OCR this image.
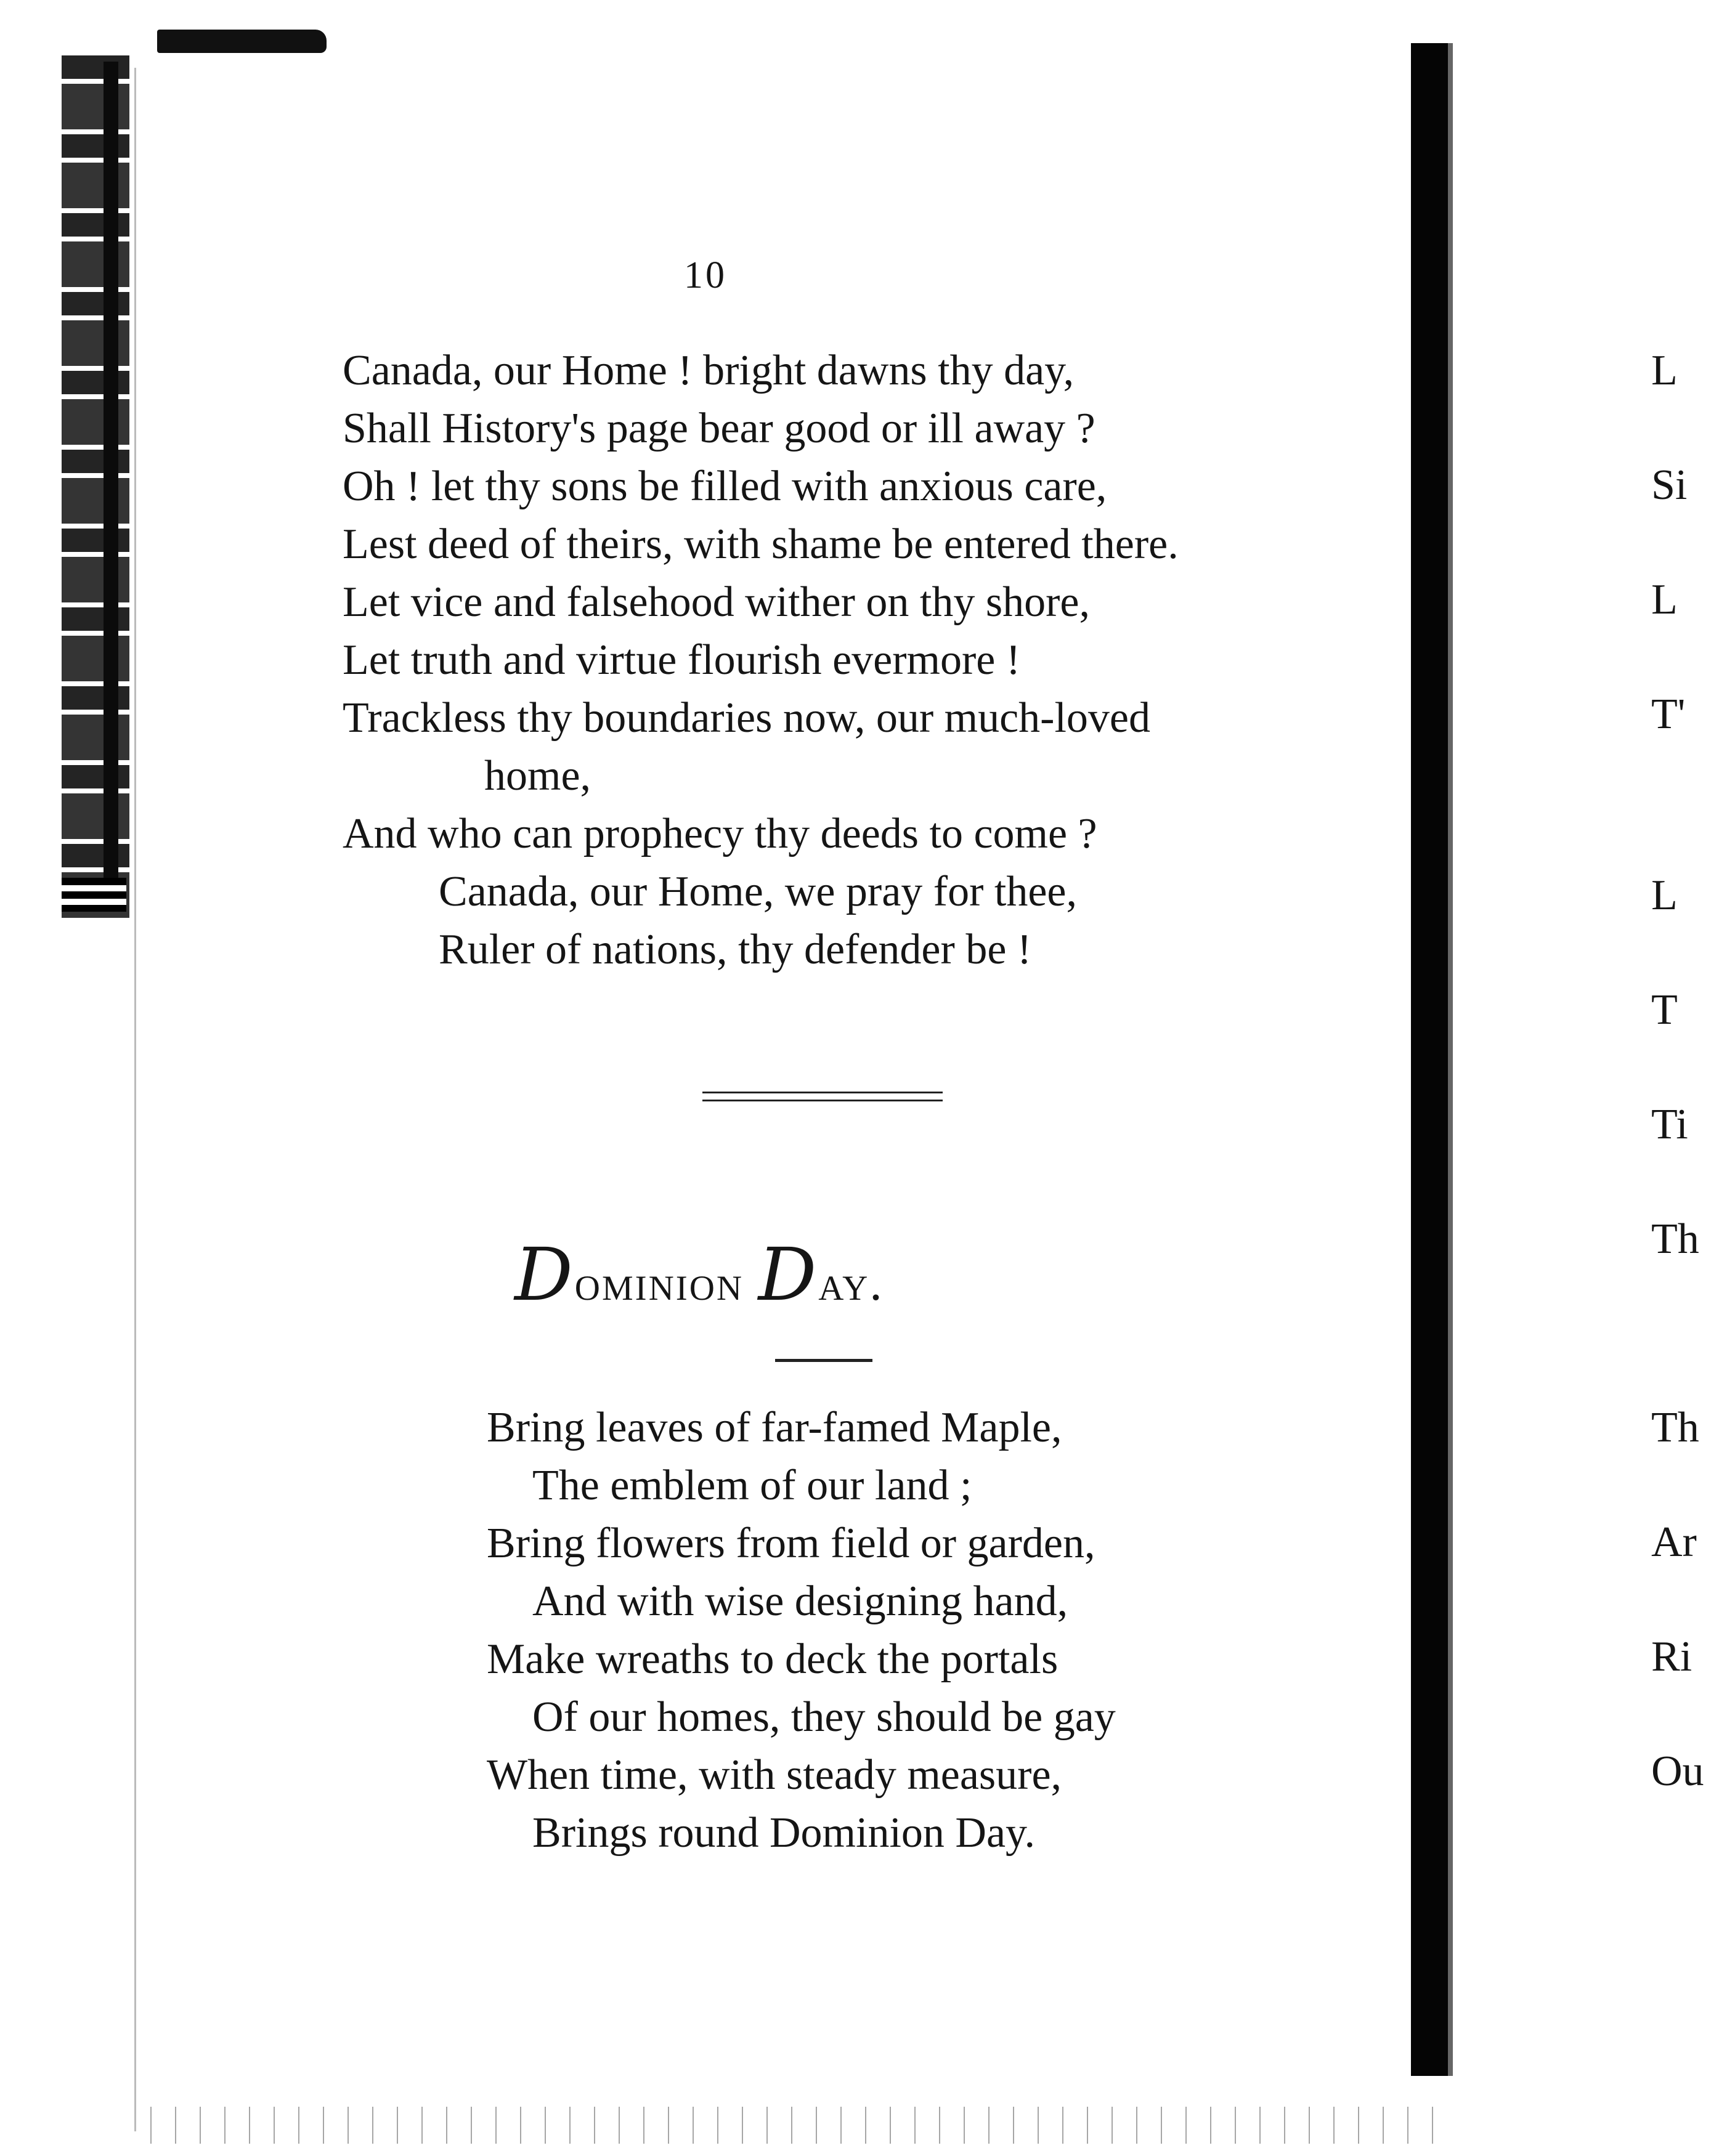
10
Canada, our Home ! bright dawns thy day,
Shall History's page bear good or ill away ?
Oh ! let thy sons be filled with anxious care,
Lest deed of theirs, with shame be entered there.
Let vice and falsehood wither on thy shore,
Let truth and virtue flourish evermore !
Trackless thy boundaries now, our much-loved
home,
And who can prophecy thy deeds to come ?
Canada, our Home, we pray for thee,
Ruler of nations, thy defender be !
Dominion Day.
Bring leaves of far-famed Maple,
The emblem of our land ;
Bring flowers from field or garden,
And with wise designing hand,
Make wreaths to deck the portals
Of our homes, they should be gay
When time, with steady measure,
Brings round Dominion Day.
L
Si
L
T'
L
T
Ti
Th
Th
Ar
Ri
Ou
